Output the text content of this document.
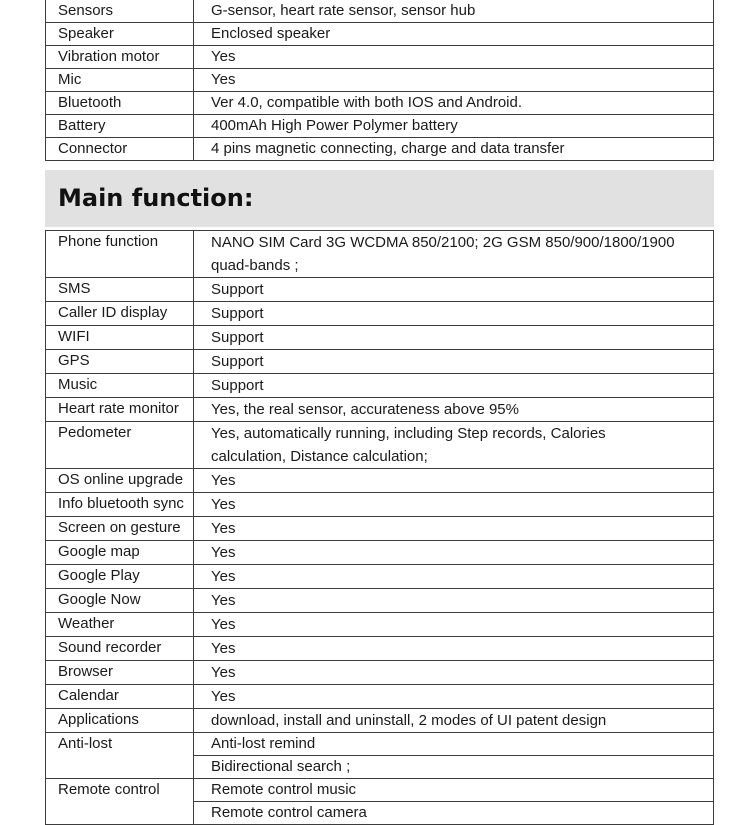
Sensors	G-sensor, heart rate sensor, sensor hub
Speaker	Enclosed speaker
Vibration motor	Yes
Mic	Yes
Bluetooth	Ver 4.0, compatible with both IOS and Android.
Battery	400mAh High Power Polymer battery
Connector	4 pins magnetic connecting, charge and data transfer
Main function:
Phone function	NANO SIM Card 3G WCDMA 850/2100; 2G GSM 850/900/1800/1900
quad-bands ;

SMS	Support

Caller ID display	Support

WIFI	Support

GPS	Support

Music	Support

Heart rate monitor	Yes, the real sensor, accurateness above 95%

Pedometer	Yes, automatically running, including Step records, Calories
calculation, Distance calculation;

OS online upgrade	Yes

Info bluetooth sync	Yes

Screen on gesture	Yes

Google map	Yes

Google Play	Yes

Google Now	Yes

Weather	Yes

Sound recorder	Yes

Browser	Yes

Calendar	Yes

Applications	download, install and uninstall, 2 modes of UI patent design

Anti-lost	Anti-lost remind
	Bidirectional search ;
Remote control	Remote control music
	Remote control camera
